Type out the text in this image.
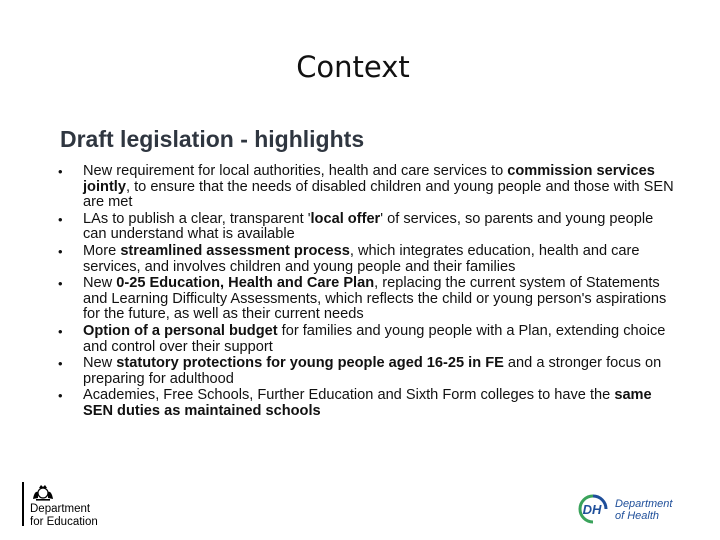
Context
Draft legislation - highlights
• New requirement for local authorities, health and care services to commission services jointly, to ensure that the needs of disabled children and young people and those with SEN are met
• LAs to publish a clear, transparent 'local offer' of services, so parents and young people can understand what is available
• More streamlined assessment process, which integrates education, health and care services, and involves children and young people and their families
• New 0-25 Education, Health and Care Plan, replacing the current system of Statements and Learning Difficulty Assessments, which reflects the child or young person's aspirations for the future, as well as their current needs
• Option of a personal budget for families and young people with a Plan, extending choice and control over their support
• New statutory protections for young people aged 16-25 in FE and a stronger focus on preparing for adulthood
• Academies, Free Schools, Further Education and Sixth Form colleges to have the same SEN duties as maintained schools
Department
for Education
DH Department
of Health
